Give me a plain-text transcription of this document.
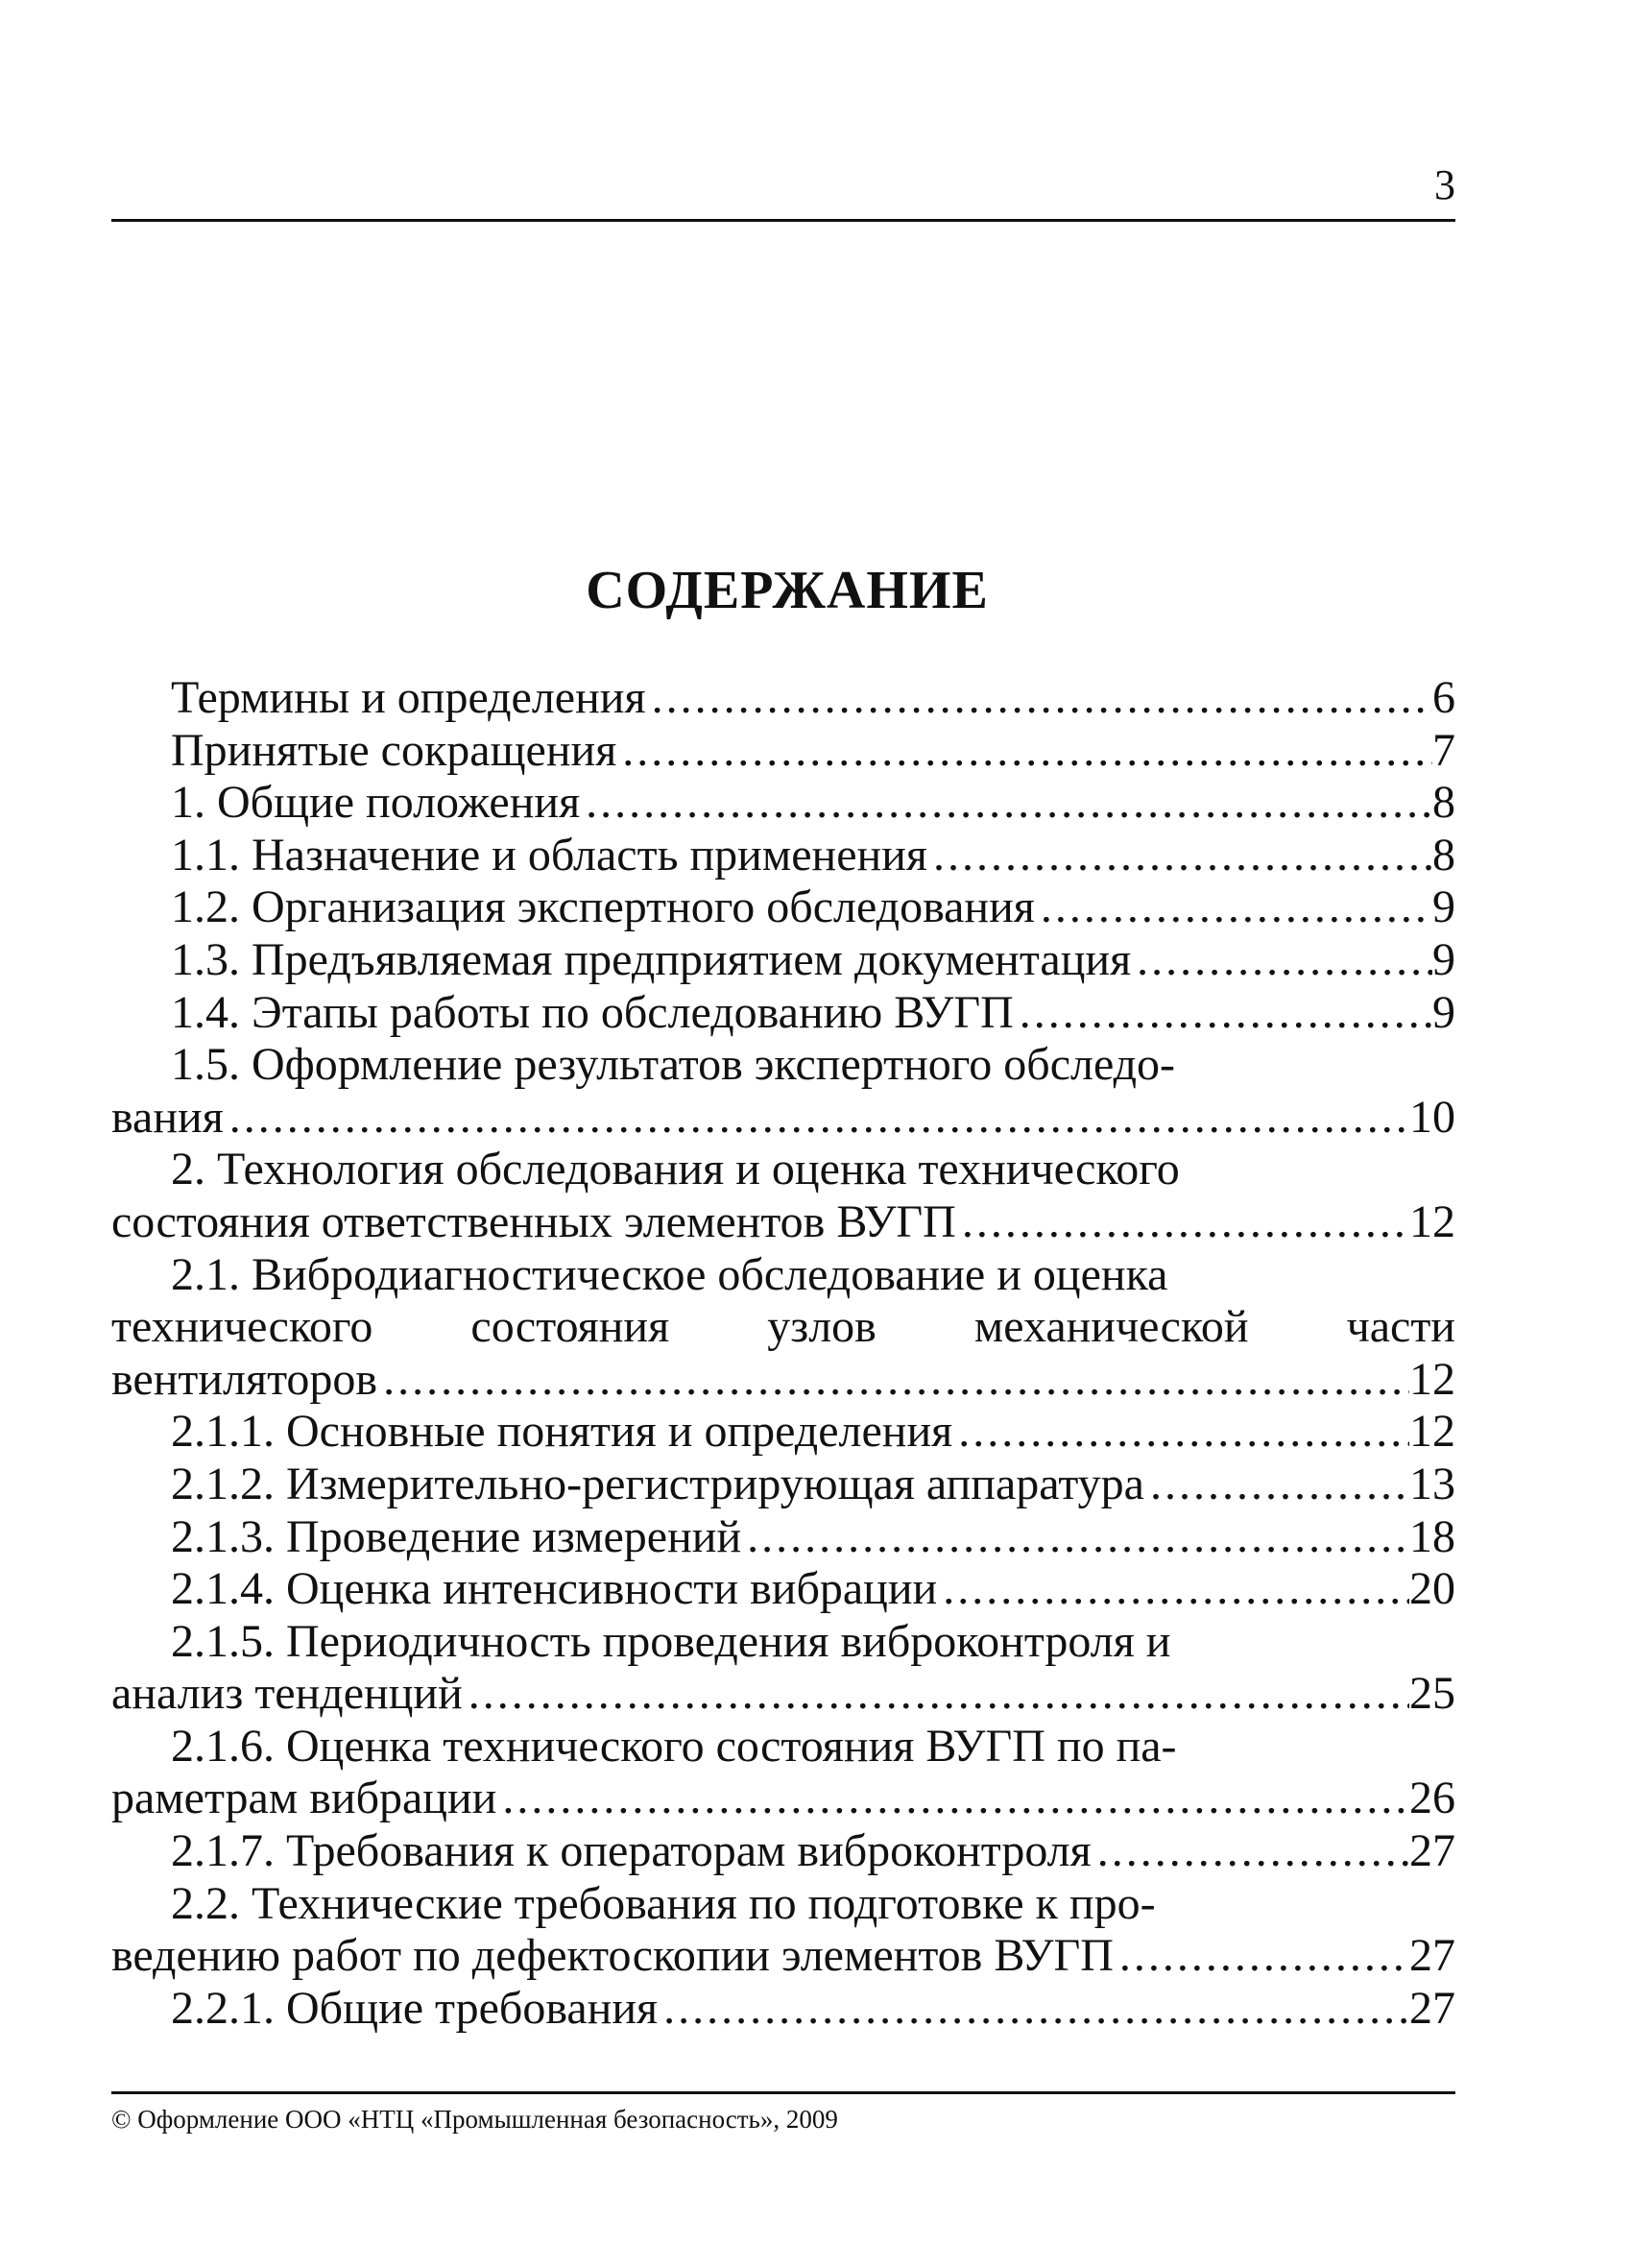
3
СОДЕРЖАНИЕ
Термины и определения .....	6
Принятые сокращения .....	7
1. Общие положения .....	8
1.1. Назначение и область применения .....	8
1.2. Организация экспертного обследования .....	9
1.3. Предъявляемая предприятием документация .....	9
1.4. Этапы работы по обследованию ВУГП .....	9
1.5. Оформление результатов экспертного обследо-
вания .....	10
2. Технология обследования и оценка технического
состояния ответственных элементов ВУГП .....	12
2.1. Вибродиагностическое обследование и оценка
технического состояния узлов механической части
вентиляторов .....	12
2.1.1. Основные понятия и определения .....	12
2.1.2. Измерительно-регистрирующая аппаратура .....	13
2.1.3. Проведение измерений .....	18
2.1.4. Оценка интенсивности вибрации .....	20
2.1.5. Периодичность проведения виброконтроля и
анализ тенденций .....	25
2.1.6. Оценка технического состояния ВУГП по па-
раметрам вибрации .....	26
2.1.7. Требования к операторам виброконтроля .....	27
2.2. Технические требования по подготовке к про-
ведению работ по дефектоскопии элементов ВУГП .....	27
2.2.1. Общие требования .....	27
© Оформление ООО «НТЦ «Промышленная безопасность», 2009
